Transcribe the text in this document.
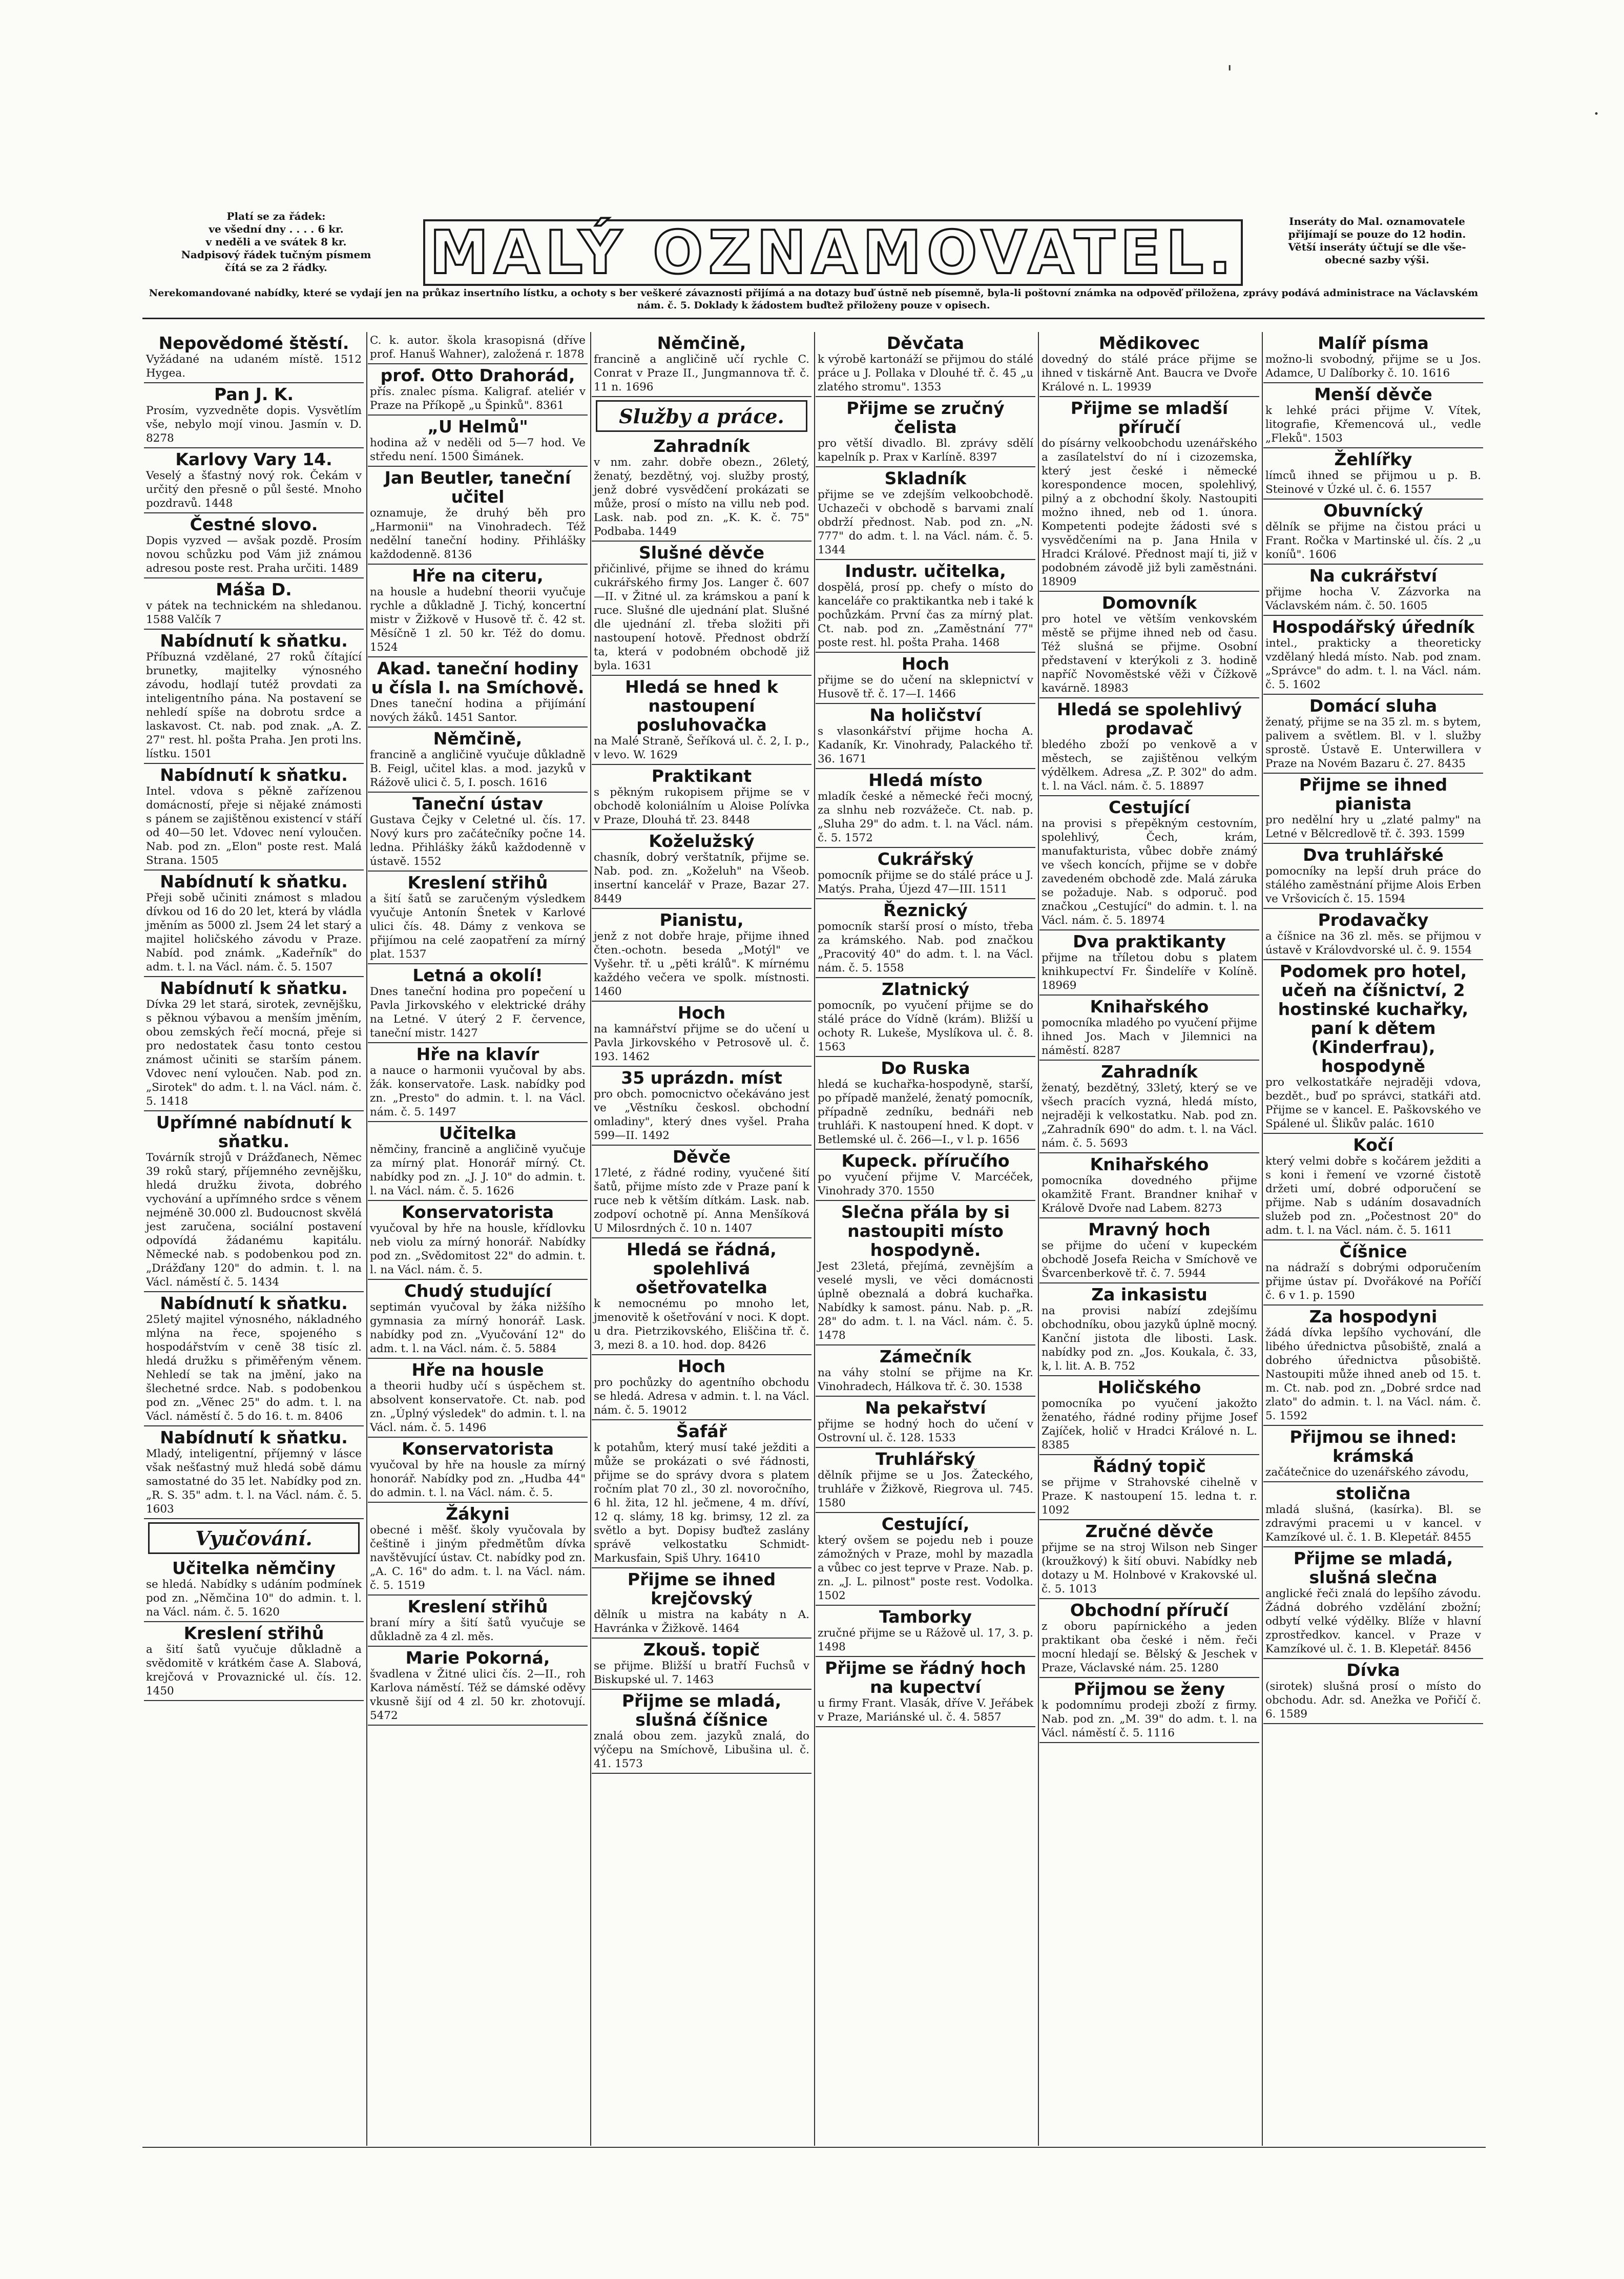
'
·
Platí se za řádek:
ve všední dny . . . . 6 kr.
v neděli a ve svátek 8 kr.
Nadpisový řádek tučným písmem
čítá se za 2 řádky.	MALÝ OZNAMOVATEL.	Inseráty do Mal. oznamovatele
přijímají se pouze do 12 hodin.
Větší inseráty účtují se dle vše-
obecné sazby výši.
Nerekomandované nabídky, které se vydají jen na průkaz insertního lístku, a ochoty s ber veškeré závaznosti přijímá a na dotazy buď ústně neb písemně, byla-li poštovní známka na odpověď přiložena, zprávy podává administrace na Václavském nám. č. 5. Doklady k žádostem buďtež přiloženy pouze v opisech.
Nepovědomé štěstí.

Vyžádané na udaném místě. 1512 Hygea.

Pan J. K.

Prosím, vyzvedněte dopis. Vysvětlím vše, nebylo mojí vinou. Jasmín v. D. 8278

Karlovy Vary 14.

Veselý a šťastný nový rok. Čekám v určitý den přesně o půl šesté. Mnoho pozdravů. 1448

Čestné slovo.

Dopis vyzved — avšak pozdě. Prosím novou schůzku pod Vám již známou adresou poste rest. Praha určiti. 1489

Máša D.

v pátek na technickém na shledanou. 1588 Valčík 7

Nabídnutí k sňatku.

Příbuzná vzdělané, 27 roků čítající brunetky, majitelky výnosného závodu, hodlají tutéž provdati za inteligentního pána. Na postavení se nehledí spíše na dobrotu srdce a laskavost. Ct. nab. pod znak. „A. Z. 27" rest. hl. pošta Praha. Jen proti lns. lístku. 1501

Nabídnutí k sňatku.

Intel. vdova s pěkně zařízenou domácností, přeje si nějaké známosti s pánem se zajištěnou existencí v stáří od 40—50 let. Vdovec není vyloučen. Nab. pod zn. „Elon" poste rest. Malá Strana. 1505

Nabídnutí k sňatku.

Přeji sobě učiniti známost s mladou dívkou od 16 do 20 let, která by vládla jměním as 5000 zl. Jsem 24 let starý a majitel holičského závodu v Praze. Nabíd. pod známk. „Kadeřník" do adm. t. l. na Václ. nám. č. 5. 1507

Nabídnutí k sňatku.

Dívka 29 let stará, sirotek, zevnějšku, s pěknou výbavou a menším jměním, obou zemských řečí mocná, přeje si pro nedostatek času tonto cestou známost učiniti se starším pánem. Vdovec není vyloučen. Nab. pod zn. „Sirotek" do adm. t. l. na Václ. nám. č. 5. 1418

Upřímné nabídnutí k sňatku.

Továrník strojů v Drážďanech, Němec 39 roků starý, příjemného zevnějšku, hledá družku života, dobrého vychování a upřímného srdce s věnem nejméně 30.000 zl. Budoucnost skvělá jest zaručena, sociální postavení odpovídá žádanému kapitálu. Německé nab. s podobenkou pod zn. „Drážďany 120" do admin. t. l. na Václ. náměstí č. 5. 1434

Nabídnutí k sňatku.

25letý majitel výnosného, nákladného mlýna na řece, spojeného s hospodářstvím v ceně 38 tisíc zl. hledá družku s přiměřeným věnem. Nehledí se tak na jmění, jako na šlechetné srdce. Nab. s podobenkou pod zn. „Věnec 25" do adm. t. l. na Václ. náměstí č. 5 do 16. t. m. 8406

Nabídnutí k sňatku.

Mladý, inteligentní, příjemný v lásce však nešťastný muž hledá sobě dámu samostatné do 35 let. Nabídky pod zn. „R. S. 35" adm. t. l. na Václ. nám. č. 5. 1603

Vyučování.
Učitelka němčiny

se hledá. Nabídky s udáním podmínek pod zn. „Němčina 10" do admin. t. l. na Václ. nám. č. 5. 1620

Kreslení střihů

a šití šatů vyučuje důkladně a svědomitě v krátkém čase A. Slabová, krejčová v Provaznické ul. čís. 12. 1450

C. k. autor. škola krasopisná (dříve prof. Hanuš Wahner), založená r. 1878

prof. Otto Drahorád,

přís. znalec písma. Kaligraf. ateliér v Praze na Příkopě „u Špinků". 8361

„U Helmů"

hodina až v neděli od 5—7 hod. Ve středu není. 1500 Šimánek.

Jan Beutler, taneční učitel

oznamuje, že druhý běh pro „Harmonii" na Vinohradech. Též nedělní taneční hodiny. Přihlášky každodenně. 8136

Hře na citeru,

na housle a hudební theorii vyučuje rychle a důkladně J. Tichý, koncertní mistr v Žižkově v Husově tř. č. 42 st. Měsíčně 1 zl. 50 kr. Též do domu. 1524

Akad. taneční hodiny u čísla I. na Smíchově.

Dnes taneční hodina a přijímání nových žáků. 1451 Santor.

Němčině,

francině a angličině vyučuje důkladně B. Feigl, učitel klas. a mod. jazyků v Rážově ulici č. 5, I. posch. 1616

Taneční ústav

Gustava Čejky v Celetné ul. čís. 17. Nový kurs pro začátečníky počne 14. ledna. Přihlášky žáků každodenně v ústavě. 1552

Kreslení střihů

a šití šatů se zaručeným výsledkem vyučuje Antonín Šnetek v Karlové ulici čís. 48. Dámy z venkova se přijímou na celé zaopatření za mírný plat. 1537

Letná a okolí!

Dnes taneční hodina pro popečení u Pavla Jirkovského v elektrické dráhy na Letné. V úterý 2 F. července, taneční mistr. 1427

Hře na klavír

a nauce o harmonii vyučoval by abs. žák. konservatoře. Lask. nabídky pod zn. „Presto" do admin. t. l. na Václ. nám. č. 5. 1497

Učitelka

němčiny, francině a angličině vyučuje za mírný plat. Honorář mírný. Ct. nabídky pod zn. „J. J. 10" do admin. t. l. na Václ. nám. č. 5. 1626

Konservatorista

vyučoval by hře na housle, křídlovku neb violu za mírný honorář. Nabídky pod zn. „Svědomitost 22" do admin. t. l. na Václ. nám. č. 5.

Chudý studující

septimán vyučoval by žáka nižšího gymnasia za mírný honorář. Lask. nabídky pod zn. „Vyučování 12" do adm. t. l. na Václ. nám. č. 5. 5884

Hře na housle

a theorii hudby učí s úspěchem st. absolvent konservatoře. Ct. nab. pod zn. „Úplný výsledek" do admin. t. l. na Václ. nám. č. 5. 1496

Konservatorista

vyučoval by hře na housle za mírný honorář. Nabídky pod zn. „Hudba 44" do admin. t. l. na Václ. nám. č. 5.

Žákyni

obecné i měšť. školy vyučovala by češtině i jiným předmětům dívka navštěvující ústav. Ct. nabídky pod zn. „A. C. 16" do adm. t. l. na Václ. nám. č. 5. 1519

Kreslení střihů

braní míry a šití šatů vyučuje se důkladně za 4 zl. měs.

Marie Pokorná,

švadlena v Žitné ulici čís. 2—II., roh Karlova náměstí. Též se dámské oděvy vkusně šijí od 4 zl. 50 kr. zhotovují. 5472

Němčině,

francině a angličině učí rychle C. Conrat v Praze II., Jungmannova tř. č. 11 n. 1696

Služby a práce.
Zahradník

v nm. zahr. dobře obezn., 26letý, ženatý, bezdětný, voj. služby prostý, jenž dobré vysvědčení prokázati se může, prosí o místo na villu neb pod. Lask. nab. pod zn. „K. K. č. 75" Podbaba. 1449

Slušné děvče

přičinlivé, přijme se ihned do krámu cukrářského firmy Jos. Langer č. 607—II. v Žitné ul. za krámskou a paní k ruce. Slušné dle ujednání plat. Slušné dle ujednání zl. třeba složiti při nastoupení hotově. Přednost obdrží ta, která v podobném obchodě již byla. 1631

Hledá se hned k nastoupení posluhovačka

na Malé Straně, Šeříková ul. č. 2, I. p., v levo. W. 1629

Praktikant

s pěkným rukopisem přijme se v obchodě koloniálním u Aloise Polívka v Praze, Dlouhá tř. 23. 8448

Koželužský

chasník, dobrý verštatník, přijme se. Nab. pod. zn. „Koželuh" na Všeob. insertní kancelář v Praze, Bazar 27. 8449

Pianistu,

jenž z not dobře hraje, přijme ihned čten.-ochotn. beseda „Motýl" ve Vyšehr. tř. u „pěti králů". K mírnému každého večera ve spolk. místnosti. 1460

Hoch

na kamnářství přijme se do učení u Pavla Jirkovského v Petrosově ul. č. 193. 1462

35 uprázdn. míst

pro obch. pomocnictvo očekáváno jest ve „Věstníku českosl. obchodní omladiny", který dnes vyšel. Praha 599—II. 1492

Děvče

17leté, z řádné rodiny, vyučené šití šatů, přijme místo zde v Praze paní k ruce neb k větším dítkám. Lask. nab. zodpoví ochotně pí. Anna Menšíková U Milosrdných č. 10 n. 1407

Hledá se řádná, spolehlivá ošetřovatelka

k nemocnému po mnoho let, jmenovitě k ošetřování v noci. K dopt. u dra. Pietrzikovského, Eliščina tř. č. 3, mezi 8. a 10. hod. dop. 8426

Hoch

pro pochůzky do agentního obchodu se hledá. Adresa v admin. t. l. na Václ. nám. č. 5. 19012

Šafář

k potahům, který musí také ježditi a může se prokázati o své řádnosti, přijme se do správy dvora s platem ročním plat 70 zl., 30 zl. novoročního, 6 hl. žita, 12 hl. ječmene, 4 m. dříví, 12 q. slámy, 18 kg. brimsy, 12 zl. za světlo a byt. Dopisy buďtež zaslány správě velkostatku Schmidt-Markusfain, Spiš Uhry. 16410

Přijme se ihned krejčovský

dělník u mistra na kabáty n A. Havránka v Žižkově. 1464

Zkouš. topič

se přijme. Bližší u bratří Fuchsů v Biskupské ul. 7. 1463

Přijme se mladá, slušná číšnice

znalá obou zem. jazyků znalá, do výčepu na Smíchově, Libušina ul. č. 41. 1573

Děvčata

k výrobě kartonáží se přijmou do stálé práce u J. Pollaka v Dlouhé tř. č. 45 „u zlatého stromu". 1353

Přijme se zručný čelista

pro větší divadlo. Bl. zprávy sdělí kapelník p. Prax v Karlíně. 8397

Skladník

přijme se ve zdejším velkoobchodě. Uchazeči v obchodě s barvami znalí obdrží přednost. Nab. pod zn. „N. 777" do adm. t. l. na Václ. nám. č. 5. 1344

Industr. učitelka,

dospělá, prosí pp. chefy o místo do kanceláře co praktikantka neb i také k pochůzkám. První čas za mírný plat. Ct. nab. pod zn. „Zaměstnání 77" poste rest. hl. pošta Praha. 1468

Hoch

přijme se do učení na sklepnictví v Husově tř. č. 17—I. 1466

Na holičství

s vlasonkářství přijme hocha A. Kadaník, Kr. Vinohrady, Palackého tř. 36. 1671

Hledá místo

mladík české a německé řeči mocný, za slnhu neb rozvážeče. Ct. nab. p. „Sluha 29" do adm. t. l. na Václ. nám. č. 5. 1572

Cukrářský

pomocník přijme se do stálé práce u J. Matýs. Praha, Újezd 47—III. 1511

Řeznický

pomocník starší prosí o místo, třeba za krámského. Nab. pod značkou „Pracovitý 40" do adm. t. l. na Václ. nám. č. 5. 1558

Zlatnický

pomocník, po vyučení přijme se do stálé práce do Vídně (krám). Bližší u ochoty R. Lukeše, Myslíkova ul. č. 8. 1563

Do Ruska

hledá se kuchařka-hospodyně, starší, po případě manželé, ženatý pomocník, případně zedníku, bednáři neb truhláři. K nastoupení hned. K dopt. v Betlemské ul. č. 266—I., v l. p. 1656

Kupeck. příručího

po vyučení přijme V. Marcéček, Vinohrady 370. 1550

Slečna přála by si nastoupiti místo hospodyně.

Jest 23letá, přejímá, zevnějším a veselé mysli, ve věci domácnosti úplně obeznalá a dobrá kuchařka. Nabídky k samost. pánu. Nab. p. „R. 28" do adm. t. l. na Václ. nám. č. 5. 1478

Zámečník

na váhy stolní se přijme na Kr. Vinohradech, Hálkova tř. č. 30. 1538

Na pekařství

přijme se hodný hoch do učení v Ostrovní ul. č. 128. 1533

Truhlářský

dělník přijme se u Jos. Žateckého, truhláře v Žižkově, Riegrova ul. 745. 1580

Cestující,

který ovšem se pojedu neb i pouze zámožných v Praze, mohl by mazadla a vůbec co jest teprve v Praze. Nab. p. zn. „J. L. pilnost" poste rest. Vodolka. 1502

Tamborky

zručné přijme se u Rážově ul. 17, 3. p. 1498

Přijme se řádný hoch na kupectví

u firmy Frant. Vlasák, dříve V. Jeřábek v Praze, Mariánské ul. č. 4. 5857

Mědikovec

dovedný do stálé práce přijme se ihned v tiskárně Ant. Baucra ve Dvoře Králové n. L. 19939

Přijme se mladší příručí

do písárny velkoobchodu uzenářského a zasílatelství do ní i cizozemska, který jest české i německé korespondence mocen, spolehlivý, pilný a z obchodní školy. Nastoupiti možno ihned, neb od 1. února. Kompetenti podejte žádosti své s vysvědčeními na p. Jana Hnila v Hradci Králové. Přednost mají ti, již v podobném závodě již byli zaměstnáni. 18909

Domovník

pro hotel ve větším venkovském městě se přijme ihned neb od času. Též slušná se přijme. Osobní představení v kterýkoli z 3. hodině napříč Novoměstské věži v Čížkově kavárně. 18983

Hledá se spolehlivý prodavač

bledého zboží po venkově a v městech, se zajištěnou velkým výdělkem. Adresa „Z. P. 302" do adm. t. l. na Václ. nám. č. 5. 18897

Cestující

na provisi s přepěkným cestovním, spolehlivý, Čech, krám, manufakturista, vůbec dobře známý ve všech koncích, přijme se v dobře zavedeném obchodě zde. Malá záruka se požaduje. Nab. s odporuč. pod značkou „Cestující" do admin. t. l. na Václ. nám. č. 5. 18974

Dva praktikanty

přijme na tříletou dobu s platem knihkupectví Fr. Šindelíře v Kolíně. 18969

Knihařského

pomocníka mladého po vyučení přijme ihned Jos. Mach v Jilemnici na náměstí. 8287

Zahradník

ženatý, bezdětný, 33letý, který se ve všech pracích vyzná, hledá místo, nejraději k velkostatku. Nab. pod zn. „Zahradník 690" do adm. t. l. na Václ. nám. č. 5. 5693

Knihařského

pomocníka dovedného přijme okamžitě Frant. Brandner knihař v Králově Dvoře nad Labem. 8273

Mravný hoch

se přijme do učení v kupeckém obchodě Josefa Reicha v Smíchově ve Švarcenberkově tř. č. 7. 5944

Za inkasistu

na provisi nabízí zdejšímu obchodníku, obou jazyků úplně mocný. Kanční jistota dle libosti. Lask. nabídky pod zn. „Jos. Koukala, č. 33, k, l. lit. A. B. 752

Holičského

pomocníka po vyučení jakožto ženatého, řádné rodiny přijme Josef Zajíček, holič v Hradci Králové n. L. 8385

Řádný topič

se přijme v Strahovské cihelně v Praze. K nastoupení 15. ledna t. r. 1092

Zručné děvče

přijme se na stroj Wilson neb Singer (kroužkový) k šití obuvi. Nabídky neb dotazy u M. Holnbové v Krakovské ul. č. 5. 1013

Obchodní příručí

z oboru papírnického a jeden praktikant oba české i něm. řeči mocní hledají se. Bělský & Jeschek v Praze, Václavské nám. 25. 1280

Přijmou se ženy

k podomnímu prodeji zboží z firmy. Nab. pod zn. „M. 39" do adm. t. l. na Václ. náměstí č. 5. 1116

Malíř písma

možno-li svobodný, přijme se u Jos. Adamce, U Dalíborky č. 10. 1616

Menší děvče

k lehké práci přijme V. Vítek, litografie, Křemencová ul., vedle „Fleků". 1503

Žehlířky

límců ihned se přijmou u p. B. Steinové v Úzké ul. č. 6. 1557

Obuvnícký

dělník se přijme na čistou práci u Frant. Ročka v Martinské ul. čís. 2 „u koníů". 1606

Na cukrářství

přijme hocha V. Zázvorka na Václavském nám. č. 50. 1605

Hospodářský úředník

intel., prakticky a theoreticky vzdělaný hledá místo. Nab. pod znam. „Správce" do adm. t. l. na Václ. nám. č. 5. 1602

Domácí sluha

ženatý, přijme se na 35 zl. m. s bytem, palivem a světlem. Bl. v l. služby sprostě. Ústavě E. Unterwillera v Praze na Novém Bazaru č. 27. 8435

Přijme se ihned pianista

pro nedělní hry u „zlaté palmy" na Letné v Bělcredlově tř. č. 393. 1599

Dva truhlářské

pomocníky na lepší druh práce do stálého zaměstnání přijme Alois Erben ve Vršovicích č. 15. 1594

Prodavačky

a číšnice na 36 zl. měs. se přijmou v ústavě v Královdvorské ul. č. 9. 1554

Podomek pro hotel, učeň na číšnictví, 2 hostinské kuchařky, paní k dětem (Kinderfrau), hospodyně

pro velkostatkáře nejraději vdova, bezdět., buď po správci, statkáři atd. Přijme se v kancel. E. Paškovského ve Spálené ul. Šlikův palác. 1610

Kočí

který velmi dobře s kočárem ježditi a s koni i řemení ve vzorné čistotě držeti umí, dobré odporučení se přijme. Nab s udáním dosavadních služeb pod zn. „Počestnost 20" do adm. t. l. na Václ. nám. č. 5. 1611

Číšnice

na nádraží s dobrými odporučením přijme ústav pí. Dvořákové na Poříčí č. 6 v 1. p. 1590

Za hospodyni

žádá dívka lepšího vychování, dle libého úřednictva působiště, znalá a dobrého úřednictva působiště. Nastoupiti může ihned aneb od 15. t. m. Ct. nab. pod zn. „Dobré srdce nad zlato" do admin. t. l. na Václ. nám. č. 5. 1592

Přijmou se ihned: krámská

začátečnice do uzenářského závodu,

stolična

mladá slušná, (kasírka). Bl. se zdravými pracemi u v kancel. v Kamzíkové ul. č. 1. B. Klepetář. 8455

Přijme se mladá, slušná slečna

anglické řeči znalá do lepšího závodu. Žádná dobrého vzdělání zbožní; odbytí velké výdělky. Blíže v hlavní zprostředkov. kancel. v Praze v Kamzíkové ul. č. 1. B. Klepetář. 8456

Dívka

(sirotek) slušná prosí o místo do obchodu. Adr. sd. Anežka ve Pořičí č. 6. 1589
